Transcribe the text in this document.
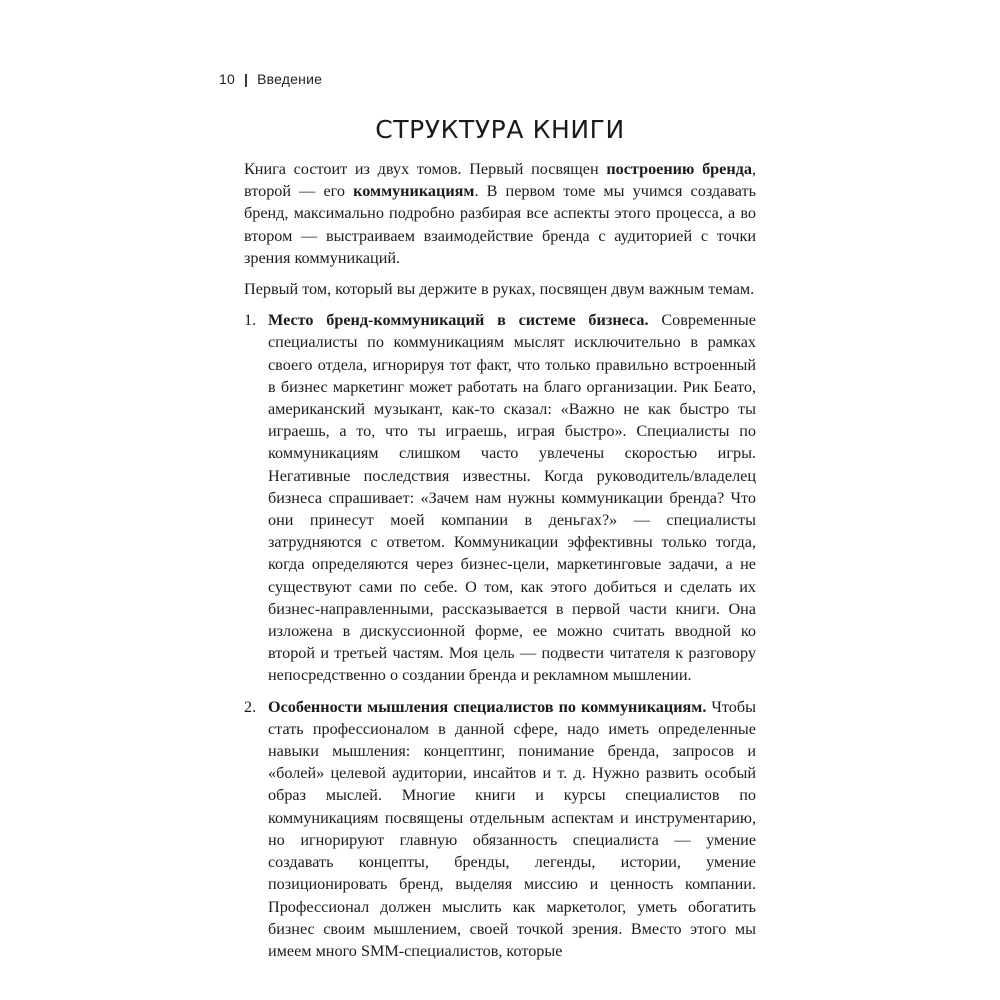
10 | Введение
СТРУКТУРА КНИГИ

Книга состоит из двух томов. Первый посвящен построению бренда, второй — его коммуникациям. В первом томе мы учимся создавать бренд, максимально подробно разбирая все аспекты этого процесса, а во втором — выстраиваем взаимодействие бренда с аудиторией с точки зрения коммуникаций.

Первый том, который вы держите в руках, посвящен двум важным темам.

1. Место бренд-коммуникаций в системе бизнеса. Современные специалисты по коммуникациям мыслят исключительно в рамках своего отдела, игнорируя тот факт, что только правильно встроенный в бизнес маркетинг может работать на благо организации. Рик Беато, американский музыкант, как-то сказал: «Важно не как быстро ты играешь, а то, что ты играешь, играя быстро». Специалисты по коммуникациям слишком часто увлечены скоростью игры. Негативные последствия известны. Когда руководитель/владелец бизнеса спрашивает: «Зачем нам нужны коммуникации бренда? Что они принесут моей компании в деньгах?» — специалисты затрудняются с ответом. Коммуникации эффективны только тогда, когда определяются через бизнес-цели, маркетинговые задачи, а не существуют сами по себе. О том, как этого добиться и сделать их бизнес-направленными, рассказывается в первой части книги. Она изложена в дискуссионной форме, ее можно считать вводной ко второй и третьей частям. Моя цель — подвести читателя к разговору непосредственно о создании бренда и рекламном мышлении.
2. Особенности мышления специалистов по коммуникациям. Чтобы стать профессионалом в данной сфере, надо иметь определенные навыки мышления: концептинг, понимание бренда, запросов и «болей» целевой аудитории, инсайтов и т. д. Нужно развить особый образ мыслей. Многие книги и курсы специалистов по коммуникациям посвящены отдельным аспектам и инструментарию, но игнорируют главную обязанность специалиста — умение создавать концепты, бренды, легенды, истории, умение позиционировать бренд, выделяя миссию и ценность компании. Профессионал должен мыслить как маркетолог, уметь обогатить бизнес своим мышлением, своей точкой зрения. Вместо этого мы имеем много SMM-специалистов, которые
